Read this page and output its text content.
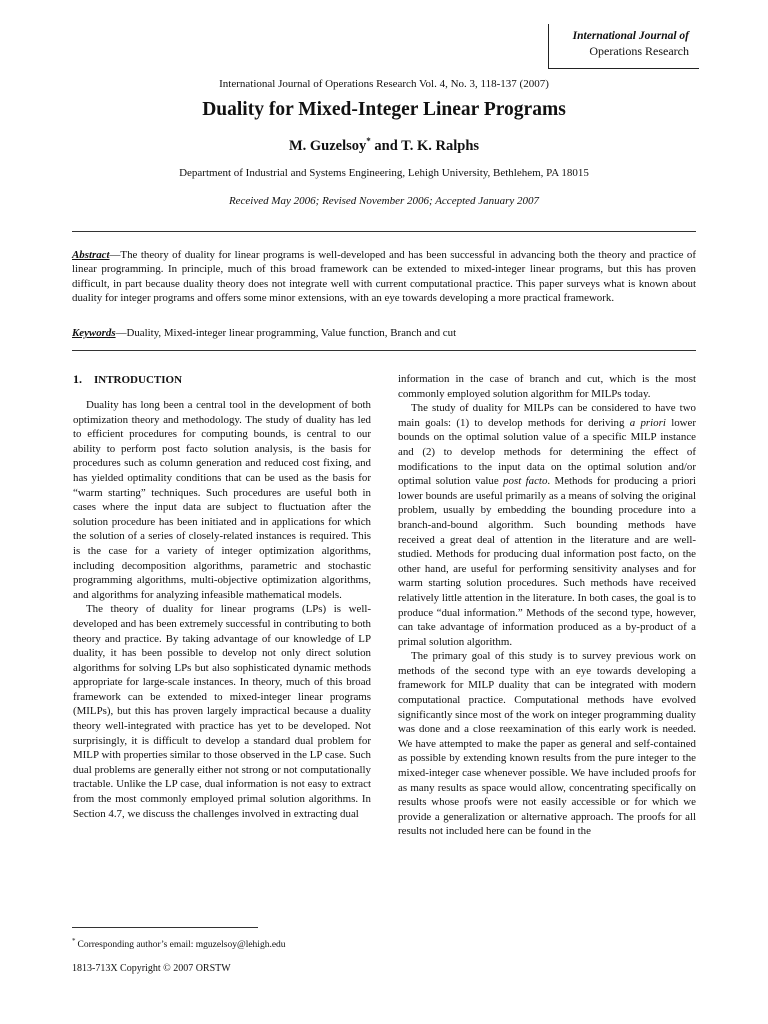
International Journal of
Operations Research
International Journal of Operations Research Vol. 4, No. 3, 118-137 (2007)
Duality for Mixed-Integer Linear Programs
M. Guzelsoy* and T. K. Ralphs
Department of Industrial and Systems Engineering, Lehigh University, Bethlehem, PA 18015
Received May 2006; Revised November 2006; Accepted January 2007
Abstract—The theory of duality for linear programs is well-developed and has been successful in advancing both the theory and practice of linear programming. In principle, much of this broad framework can be extended to mixed-integer linear programs, but this has proven difficult, in part because duality theory does not integrate well with current computational practice. This paper surveys what is known about duality for integer programs and offers some minor extensions, with an eye towards developing a more practical framework.
Keywords—Duality, Mixed-integer linear programming, Value function, Branch and cut
1. INTRODUCTION

Duality has long been a central tool in the development of both optimization theory and methodology. The study of duality has led to efficient procedures for computing bounds, is central to our ability to perform post facto solution analysis, is the basis for procedures such as column generation and reduced cost fixing, and has yielded optimality conditions that can be used as the basis for “warm starting” techniques. Such procedures are useful both in cases where the input data are subject to fluctuation after the solution procedure has been initiated and in applications for which the solution of a series of closely-related instances is required. This is the case for a variety of integer optimization algorithms, including decomposition algorithms, parametric and stochastic programming algorithms, multi-objective optimization algorithms, and algorithms for analyzing infeasible mathematical models.

The theory of duality for linear programs (LPs) is well-developed and has been extremely successful in contributing to both theory and practice. By taking advantage of our knowledge of LP duality, it has been possible to develop not only direct solution algorithms for solving LPs but also sophisticated dynamic methods appropriate for large-scale instances. In theory, much of this broad framework can be extended to mixed-integer linear programs (MILPs), but this has proven largely impractical because a duality theory well-integrated with practice has yet to be developed. Not surprisingly, it is difficult to develop a standard dual problem for MILP with properties similar to those observed in the LP case. Such dual problems are generally either not strong or not computationally tractable. Unlike the LP case, dual information is not easy to extract from the most commonly employed primal solution algorithms. In Section 4.7, we discuss the challenges involved in extracting dual

information in the case of branch and cut, which is the most commonly employed solution algorithm for MILPs today.

The study of duality for MILPs can be considered to have two main goals: (1) to develop methods for deriving a priori lower bounds on the optimal solution value of a specific MILP instance and (2) to develop methods for determining the effect of modifications to the input data on the optimal solution and/or optimal solution value post facto. Methods for producing a priori lower bounds are useful primarily as a means of solving the original problem, usually by embedding the bounding procedure into a branch-and-bound algorithm. Such bounding methods have received a great deal of attention in the literature and are well-studied. Methods for producing dual information post facto, on the other hand, are useful for performing sensitivity analyses and for warm starting solution procedures. Such methods have received relatively little attention in the literature. In both cases, the goal is to produce “dual information.” Methods of the second type, however, can take advantage of information produced as a by-product of a primal solution algorithm.

The primary goal of this study is to survey previous work on methods of the second type with an eye towards developing a framework for MILP duality that can be integrated with modern computational practice. Computational methods have evolved significantly since most of the work on integer programming duality was done and a close reexamination of this early work is needed. We have attempted to make the paper as general and self-contained as possible by extending known results from the pure integer to the mixed-integer case whenever possible. We have included proofs for as many results as space would allow, concentrating specifically on results whose proofs were not easily accessible or for which we provide a generalization or alternative approach. The proofs for all results not included here can be found in the

* Corresponding author’s email: mguzelsoy@lehigh.edu
1813-713X Copyright © 2007 ORSTW
